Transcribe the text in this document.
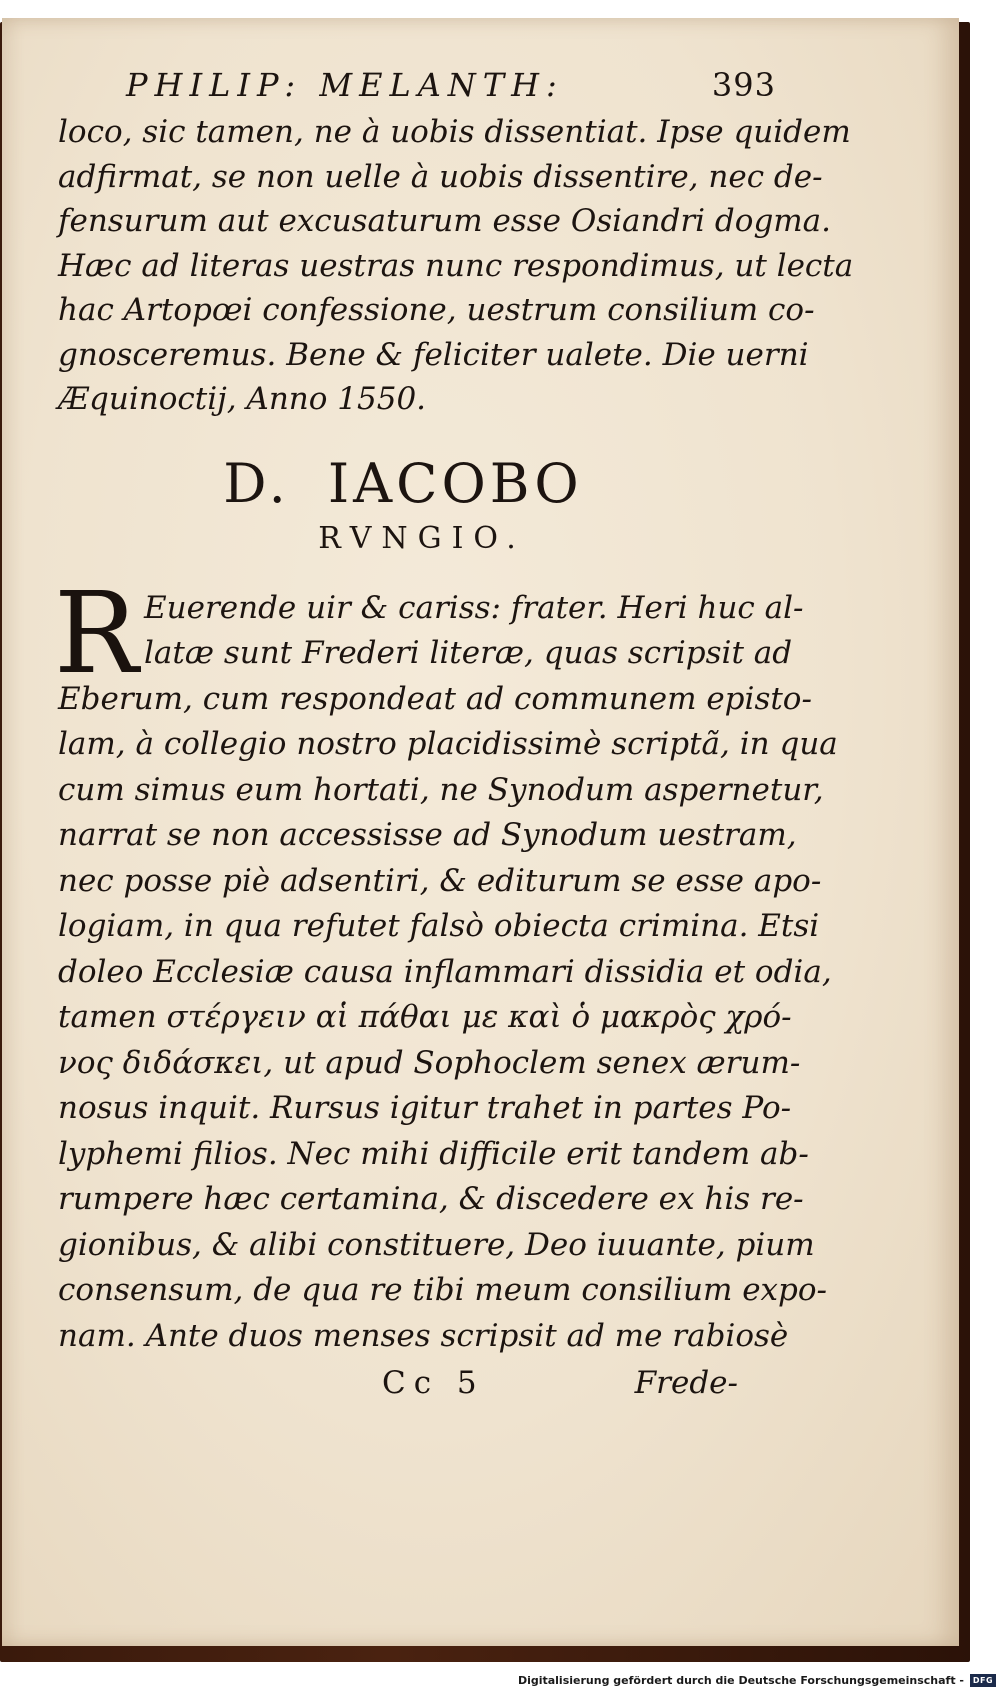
PHILIP: MELANTH:	393
loco, sic tamen, ne à uobis dissentiat. Ipse quidem
adfirmat, se non uelle à uobis dissentire, nec de-
fensurum aut excusaturum esse Osiandri dogma.
Hæc ad literas uestras nunc respondimus, ut lecta
hac Artopœi confessione, uestrum consilium co-
gnosceremus. Bene & feliciter ualete. Die uerni
Æquinoctij, Anno 1550.
D. IACOBO
RVNGIO.
R Euerende uir & cariss: frater. Heri huc al-
latæ sunt Frederi literæ, quas scripsit ad
Eberum, cum respondeat ad communem episto-
lam, à collegio nostro placidissimè scriptã, in qua
cum simus eum hortati, ne Synodum aspernetur,
narrat se non accessisse ad Synodum uestram,
nec posse piè adsentiri, & editurum se esse apo-
logiam, in qua refutet falsò obiecta crimina. Etsi
doleo Ecclesiæ causa inflammari dissidia et odia,
tamen στέργειν αἱ πάθαι με καὶ ὁ μακρὸς χρό-
νος διδάσκει, ut apud Sophoclem senex ærum-
nosus inquit. Rursus igitur trahet in partes Po-
lyphemi filios. Nec mihi difficile erit tandem ab-
rumpere hæc certamina, & discedere ex his re-
gionibus, & alibi constituere, Deo iuuante, pium
consensum, de qua re tibi meum consilium expo-
nam. Ante duos menses scripsit ad me rabiosè
Cc 5	Frede-
Digitalisierung gefördert durch die Deutsche Forschungsgemeinschaft -	DFG
